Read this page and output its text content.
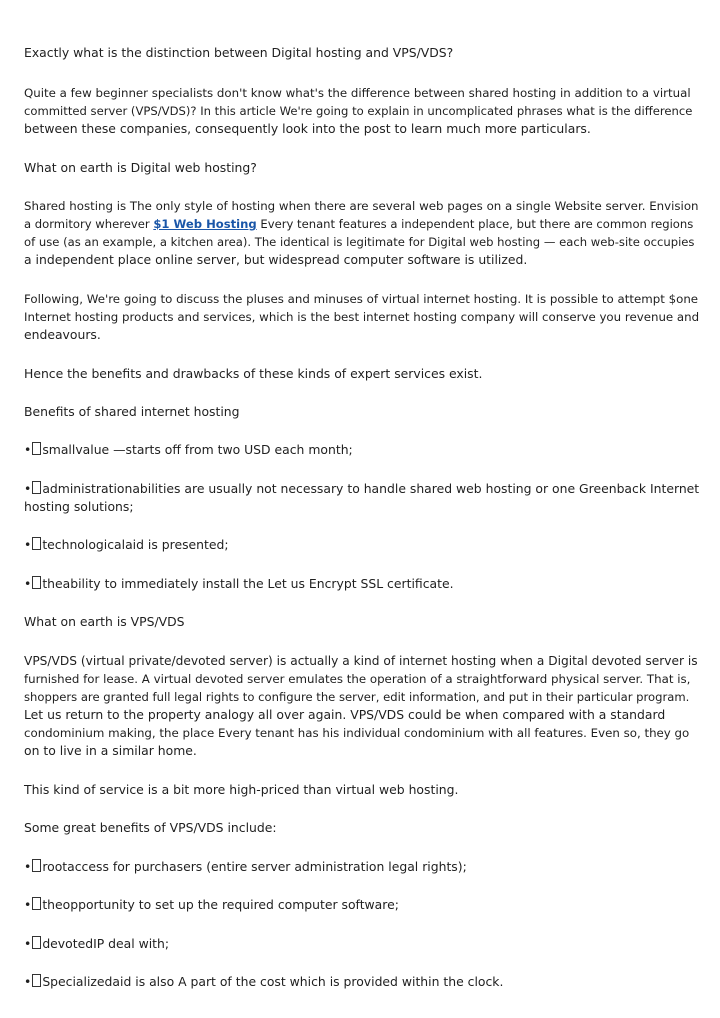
Exactly what is the distinction between Digital hosting and VPS/VDS?
Quite a few beginner specialists don't know what's the difference between shared hosting in addition to a virtual
committed server (VPS/VDS)? In this article We're going to explain in uncomplicated phrases what is the difference
between these companies, consequently look into the post to learn much more particulars.
What on earth is Digital web hosting?
Shared hosting is The only style of hosting when there are several web pages on a single Website server. Envision
a dormitory wherever $1 Web Hosting Every tenant features a independent place, but there are common regions
of use (as an example, a kitchen area). The identical is legitimate for Digital web hosting — each web-site occupies
a independent place online server, but widespread computer software is utilized.
Following, We're going to discuss the pluses and minuses of virtual internet hosting. It is possible to attempt $one
Internet hosting products and services, which is the best internet hosting company will conserve you revenue and
endeavours.
Hence the benefits and drawbacks of these kinds of expert services exist.
Benefits of shared internet hosting
• smallvalue —starts off from two USD each month;
• administrationabilities are usually not necessary to handle shared web hosting or one Greenback Internet
hosting solutions;
• technologicalaid is presented;
• theability to immediately install the Let us Encrypt SSL certificate.
What on earth is VPS/VDS
VPS/VDS (virtual private/devoted server) is actually a kind of internet hosting when a Digital devoted server is
furnished for lease. A virtual devoted server emulates the operation of a straightforward physical server. That is,
shoppers are granted full legal rights to configure the server, edit information, and put in their particular program.
Let us return to the property analogy all over again. VPS/VDS could be when compared with a standard
condominium making, the place Every tenant has his individual condominium with all features. Even so, they go
on to live in a similar home.
This kind of service is a bit more high-priced than virtual web hosting.
Some great benefits of VPS/VDS include:
• rootaccess for purchasers (entire server administration legal rights);
• theopportunity to set up the required computer software;
• devotedIP deal with;
• Specializedaid is also A part of the cost which is provided within the clock.
